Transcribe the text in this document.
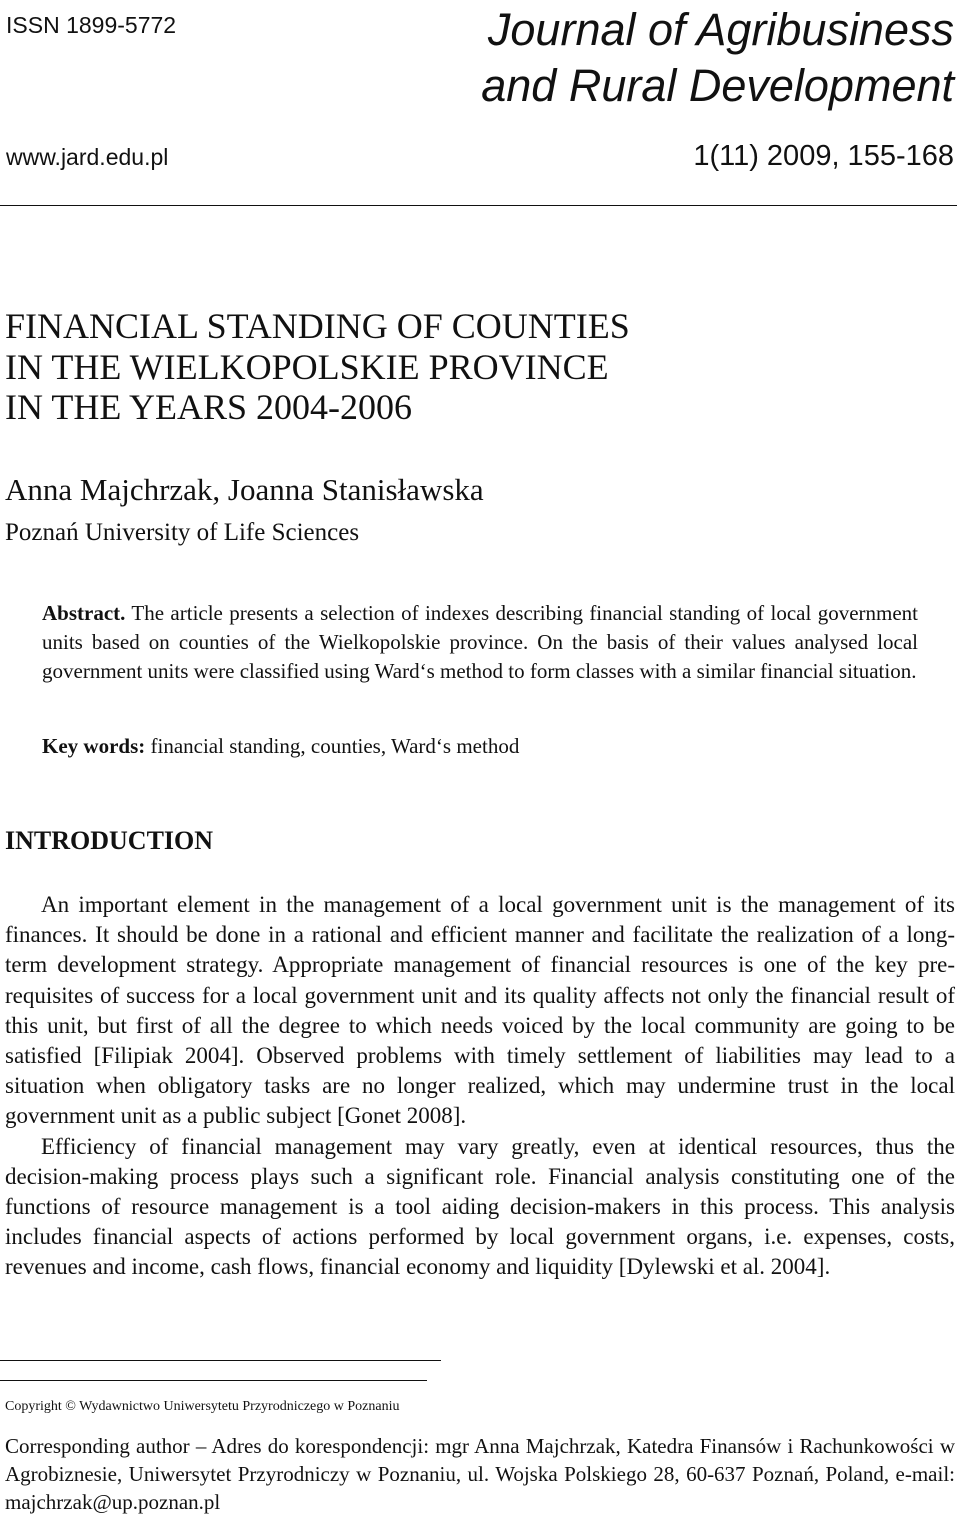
ISSN 1899-5772	Journal of Agribusiness
and Rural Development
www.jard.edu.pl	1(11) 2009, 155-168
FINANCIAL STANDING OF COUNTIES
IN THE WIELKOPOLSKIE PROVINCE
IN THE YEARS 2004-2006
Anna Majchrzak, Joanna Stanisławska
Poznań University of Life Sciences
Abstract. The article presents a selection of indexes describing financial standing of local government units based on counties of the Wielkopolskie province. On the basis of their values analysed local government units were classified using Ward‘s method to form classes with a similar financial situation.
Key words: financial standing, counties, Ward‘s method
INTRODUCTION

An important element in the management of a local government unit is the management of its finances. It should be done in a rational and efficient manner and facilitate the realization of a long-term development strategy. Appropriate management of financial resources is one of the key pre-requisites of success for a local government unit and its quality affects not only the financial result of this unit, but first of all the degree to which needs voiced by the local community are going to be satisfied [Filipiak 2004]. Observed problems with timely settlement of liabilities may lead to a situation when obligatory tasks are no longer realized, which may undermine trust in the local government unit as a public subject [Gonet 2008].

Efficiency of financial management may vary greatly, even at identical resources, thus the decision-making process plays such a significant role. Financial analysis constituting one of the functions of resource management is a tool aiding decision-makers in this process. This analysis includes financial aspects of actions performed by local government organs, i.e. expenses, costs, revenues and income, cash flows, financial economy and liquidity [Dylewski et al. 2004].

Copyright © Wydawnictwo Uniwersytetu Przyrodniczego w Poznaniu
Corresponding author – Adres do korespondencji: mgr Anna Majchrzak, Katedra Finansów i Rachunkowości w Agrobiznesie, Uniwersytet Przyrodniczy w Poznaniu, ul. Wojska Polskiego 28, 60-637 Poznań, Poland, e-mail: majchrzak@up.poznan.pl
